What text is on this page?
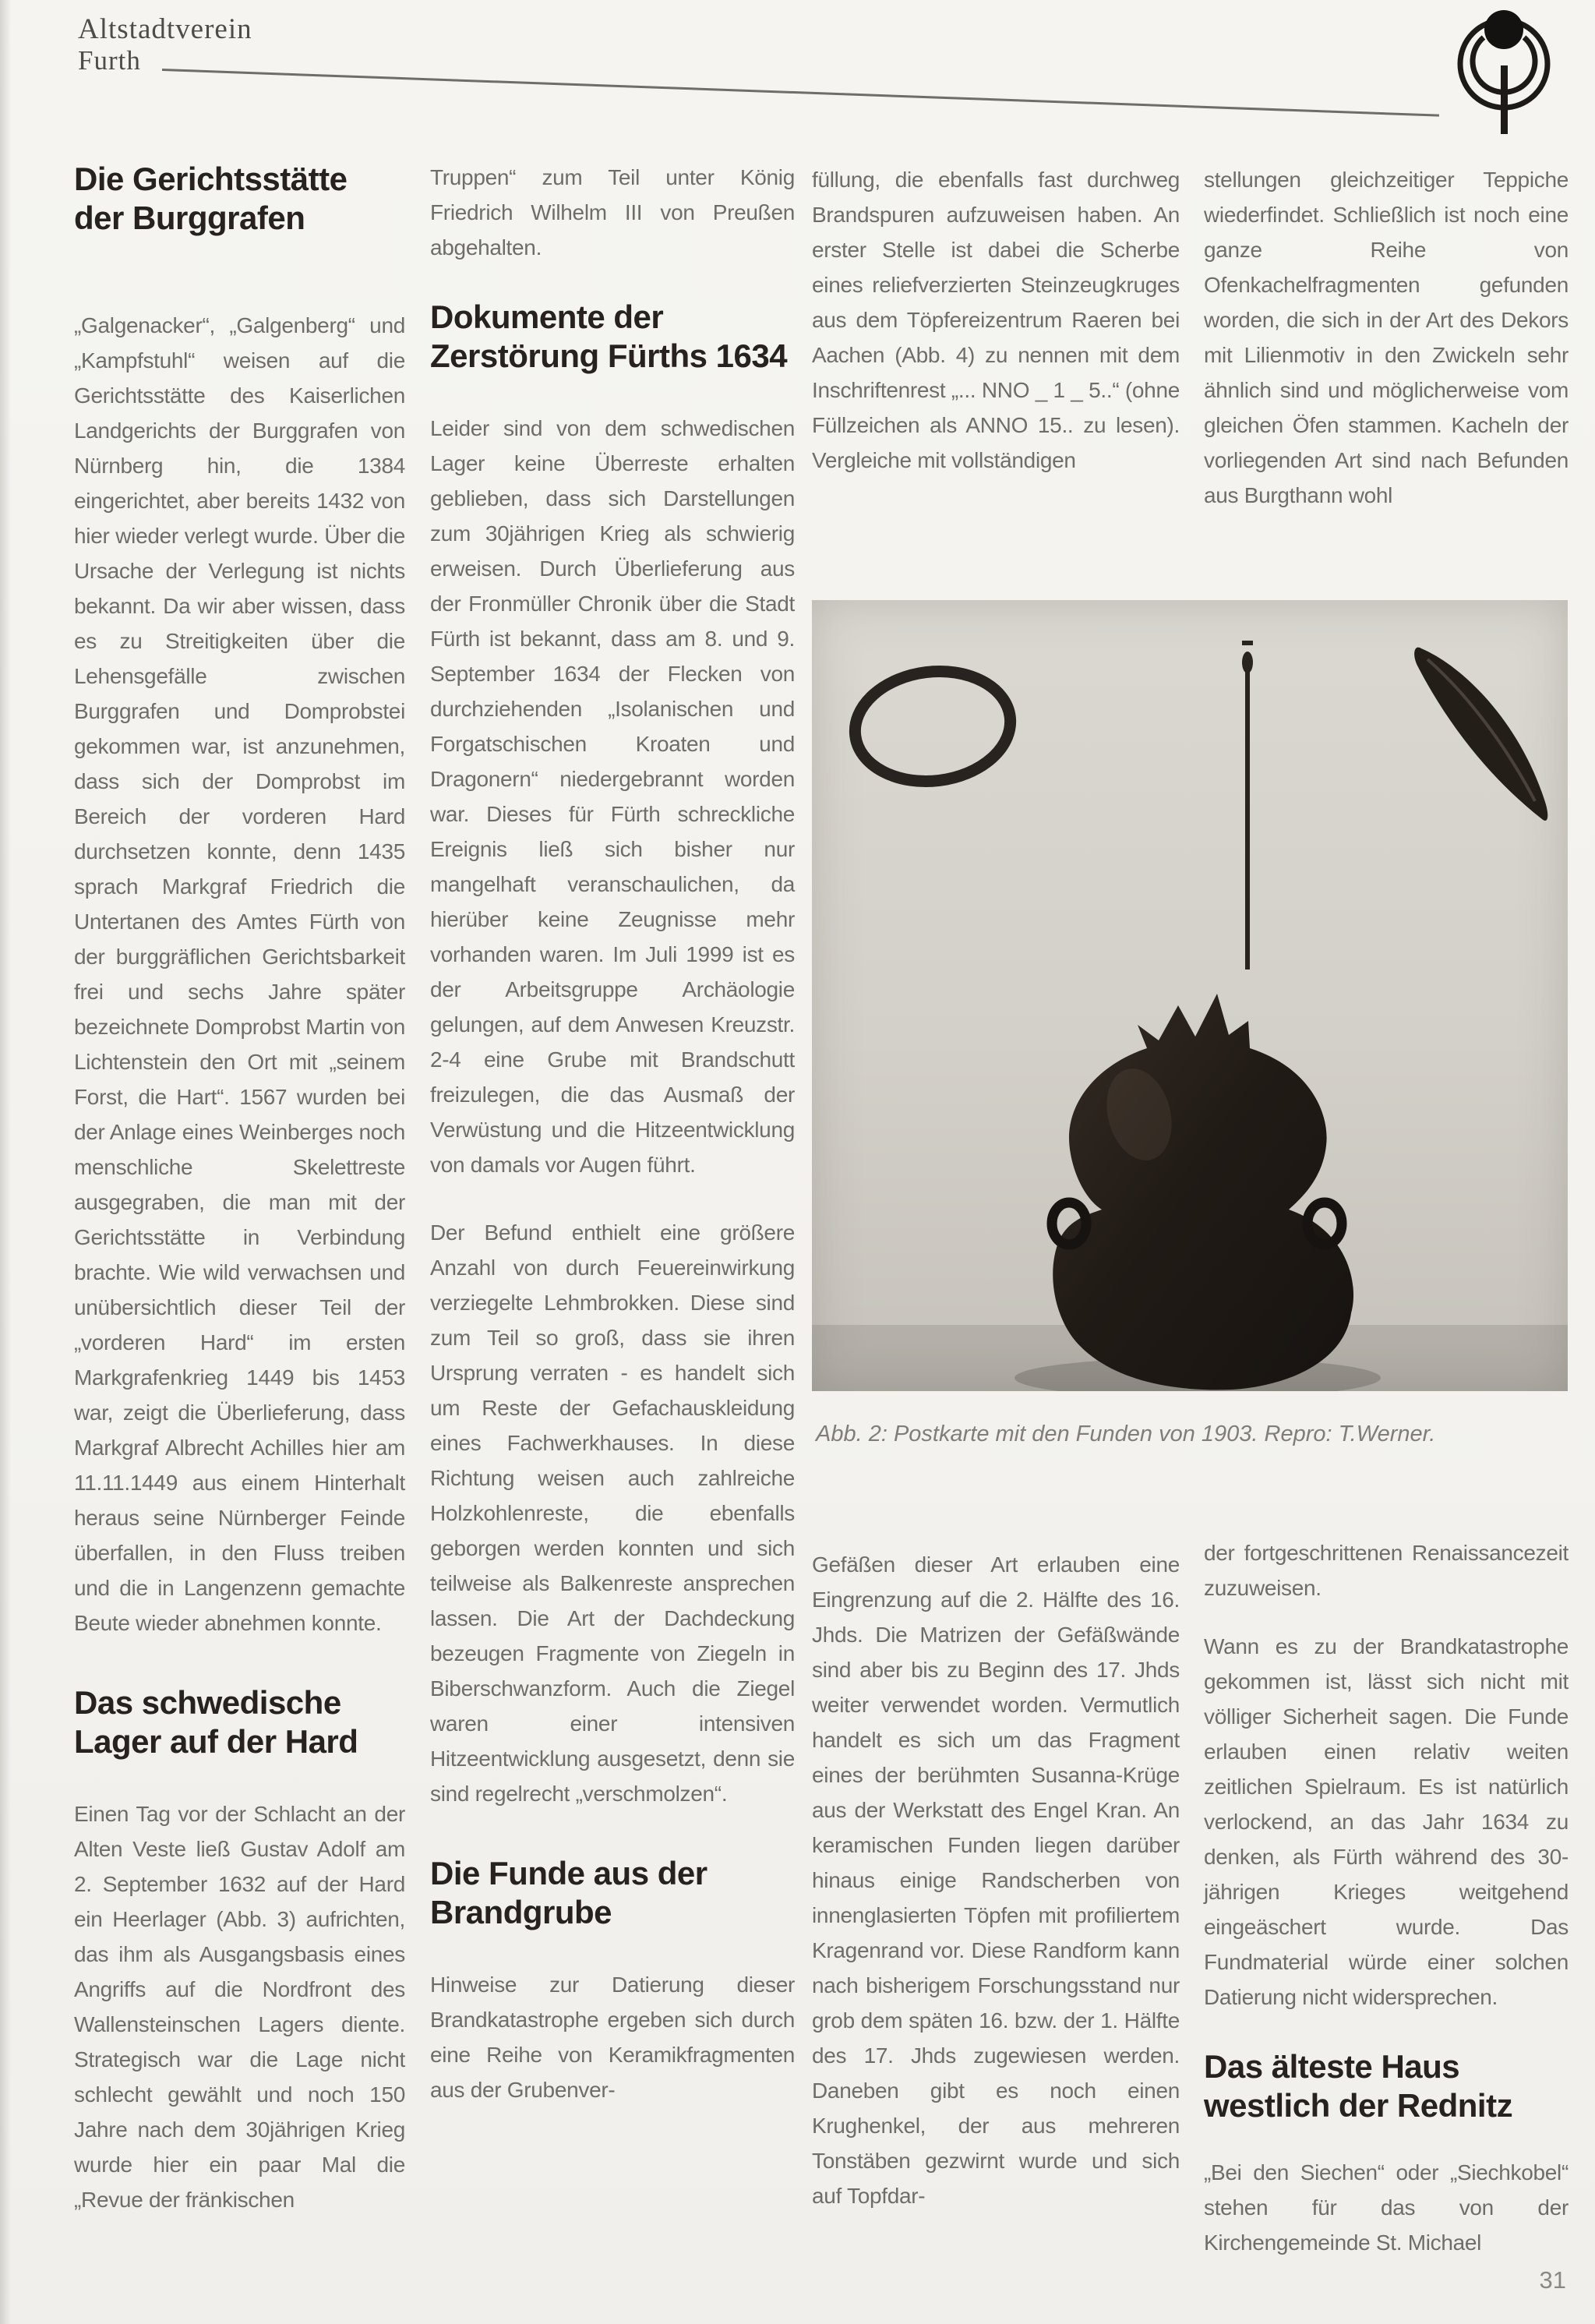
Altstadtverein
Furth
Die Gerichtsstätte der Burggrafen

„Galgenacker“, „Galgenberg“ und „Kampfstuhl“ weisen auf die Gerichtsstätte des Kaiserlichen Landgerichts der Burggrafen von Nürnberg hin, die 1384 eingerichtet, aber bereits 1432 von hier wieder verlegt wurde. Über die Ursache der Verlegung ist nichts bekannt. Da wir aber wissen, dass es zu Streitigkeiten über die Lehensgefälle zwischen Burggrafen und Domprobstei gekommen war, ist anzunehmen, dass sich der Domprobst im Bereich der vorderen Hard durchsetzen konnte, denn 1435 sprach Markgraf Friedrich die Untertanen des Amtes Fürth von der burggräflichen Gerichtsbarkeit frei und sechs Jahre später bezeichnete Domprobst Martin von Lichtenstein den Ort mit „seinem Forst, die Hart“. 1567 wurden bei der Anlage eines Weinberges noch menschliche Skelettreste ausgegraben, die man mit der Gerichtsstätte in Verbindung brachte. Wie wild verwachsen und unübersichtlich dieser Teil der „vorderen Hard“ im ersten Markgrafenkrieg 1449 bis 1453 war, zeigt die Überlieferung, dass Markgraf Albrecht Achilles hier am 11.11.1449 aus einem Hinterhalt heraus seine Nürnberger Feinde überfallen, in den Fluss treiben und die in Langenzenn gemachte Beute wieder abnehmen konnte.

Das schwedische Lager auf der Hard

Einen Tag vor der Schlacht an der Alten Veste ließ Gustav Adolf am 2. September 1632 auf der Hard ein Heerlager (Abb. 3) aufrichten, das ihm als Ausgangsbasis eines Angriffs auf die Nordfront des Wallensteinschen Lagers diente. Strategisch war die Lage nicht schlecht gewählt und noch 150 Jahre nach dem 30jährigen Krieg wurde hier ein paar Mal die „Revue der fränkischen

Truppen“ zum Teil unter König Friedrich Wilhelm III von Preußen abgehalten.

Dokumente der Zerstörung Fürths 1634

Leider sind von dem schwedischen Lager keine Überreste erhalten geblieben, dass sich Darstellungen zum 30jährigen Krieg als schwierig erweisen. Durch Überlieferung aus der Fronmüller Chronik über die Stadt Fürth ist bekannt, dass am 8. und 9. September 1634 der Flecken von durchziehenden „Isolanischen und Forgatschischen Kroaten und Dragonern“ niedergebrannt worden war. Dieses für Fürth schreckliche Ereignis ließ sich bisher nur mangelhaft veranschaulichen, da hierüber keine Zeugnisse mehr vorhanden waren. Im Juli 1999 ist es der Arbeitsgruppe Archäologie gelungen, auf dem Anwesen Kreuzstr. 2-4 eine Grube mit Brandschutt freizulegen, die das Ausmaß der Verwüstung und die Hitzeentwicklung von damals vor Augen führt.

Der Befund enthielt eine größere Anzahl von durch Feuereinwirkung verziegelte Lehmbrokken. Diese sind zum Teil so groß, dass sie ihren Ursprung verraten - es handelt sich um Reste der Gefachauskleidung eines Fachwerkhauses. In diese Richtung weisen auch zahlreiche Holzkohlenreste, die ebenfalls geborgen werden konnten und sich teilweise als Balkenreste ansprechen lassen. Die Art der Dachdeckung bezeugen Fragmente von Ziegeln in Biberschwanzform. Auch die Ziegel waren einer intensiven Hitzeentwicklung ausgesetzt, denn sie sind regelrecht „verschmolzen“.

Die Funde aus der Brandgrube

Hinweise zur Datierung dieser Brandkatastrophe ergeben sich durch eine Reihe von Keramikfragmenten aus der Grubenver-

füllung, die ebenfalls fast durchweg Brandspuren aufzuweisen haben. An erster Stelle ist dabei die Scherbe eines reliefverzierten Steinzeugkruges aus dem Töpfereizentrum Raeren bei Aachen (Abb. 4) zu nennen mit dem Inschriftenrest „... NNO _ 1 _ 5..“ (ohne Füllzeichen als ANNO 15.. zu lesen). Vergleiche mit vollständigen

stellungen gleichzeitiger Teppiche wiederfindet. Schließlich ist noch eine ganze Reihe von Ofenkachelfragmenten gefunden worden, die sich in der Art des Dekors mit Lilienmotiv in den Zwickeln sehr ähnlich sind und möglicherweise vom gleichen Öfen stammen. Kacheln der vorliegenden Art sind nach Befunden aus Burgthann wohl

Abb. 2: Postkarte mit den Funden von 1903. Repro: T.Werner.

Gefäßen dieser Art erlauben eine Eingrenzung auf die 2. Hälfte des 16. Jhds. Die Matrizen der Gefäßwände sind aber bis zu Beginn des 17. Jhds weiter verwendet worden. Vermutlich handelt es sich um das Fragment eines der berühmten Susanna-Krüge aus der Werkstatt des Engel Kran. An keramischen Funden liegen darüber hinaus einige Randscherben von innenglasierten Töpfen mit profiliertem Kragenrand vor. Diese Randform kann nach bisherigem Forschungsstand nur grob dem späten 16. bzw. der 1. Hälfte des 17. Jhds zugewiesen werden. Daneben gibt es noch einen Krughenkel, der aus mehreren Tonstäben gezwirnt wurde und sich auf Topfdar-

der fortgeschrittenen Renaissancezeit zuzuweisen.

Wann es zu der Brandkatastrophe gekommen ist, lässt sich nicht mit völliger Sicherheit sagen. Die Funde erlauben einen relativ weiten zeitlichen Spielraum. Es ist natürlich verlockend, an das Jahr 1634 zu denken, als Fürth während des 30-jährigen Krieges weitgehend eingeäschert wurde. Das Fundmaterial würde einer solchen Datierung nicht widersprechen.

Das älteste Haus westlich der Rednitz

„Bei den Siechen“ oder „Siechkobel“ stehen für das von der Kirchengemeinde St. Michael

31
